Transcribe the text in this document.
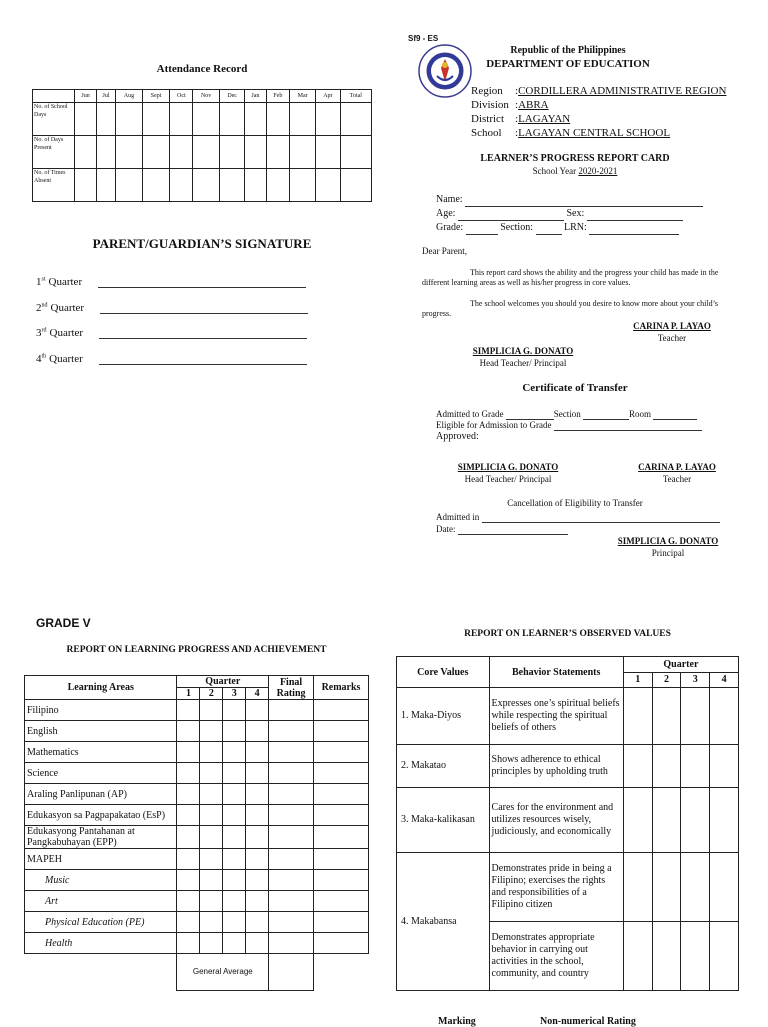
Attendance Record
	Jun	Jul	Aug	Sept	Oct	Nov	Dec	Jan	Feb	Mar	Apr	Total
No. of School Days												
No. of Days Present												
No. of Times Absent												
PARENT/GUARDIAN’S SIGNATURE
1st Quarter
2nd Quarter
3rd Quarter
4th Quarter
Sf9 - ES
Republic of the Philippines
DEPARTMENT OF EDUCATION
Region :CORDILLERA ADMINISTRATIVE REGION
Division :ABRA
District :LAGAYAN
School :LAGAYAN CENTRAL SCHOOL
LEARNER’S PROGRESS REPORT CARD
School Year 2020-2021
Name:
Age:	Sex:
Grade:	Section:	LRN:
Dear Parent,
This report card shows the ability and the progress your child has made in the different learning areas as well as his/her progress in core values.
The school welcomes you should you desire to know more about your child’s progress.
CARINA P. LAYAO
Teacher
SIMPLICIA G. DONATO
Head Teacher/ Principal
Certificate of Transfer
Admitted to Grade	Section	Room
Eligible for Admission to Grade
Approved:
SIMPLICIA G. DONATO
Head Teacher/ Principal
CARINA P. LAYAO
Teacher
Cancellation of Eligibility to Transfer
Admitted in
Date:
SIMPLICIA G. DONATO
Principal
GRADE V
REPORT ON LEARNING PROGRESS AND ACHIEVEMENT
Learning Areas	Quarter				Final Rating	Remarks
	1	2	3	4		
Filipino						
English						
Mathematics						
Science						
Araling Panlipunan (AP)						
Edukasyon sa Pagpapakatao (EsP)						
Edukasyong Pantahanan at Pangkabuhayan (EPP)						
MAPEH						
Music						
Art						
Physical Education (PE)						
Health						
	General Average					
REPORT ON LEARNER’S OBSERVED VALUES
Core Values	Behavior Statements	Quarter			
		1	2	3	4
1. Maka-Diyos	Expresses one’s spiritual beliefs while respecting the spiritual beliefs of others				
2. Makatao	Shows adherence to ethical principles by upholding truth				
3. Maka-kalikasan	Cares for the environment and utilizes resources wisely, judiciously, and economically				
4. Makabansa	Demonstrates pride in being a Filipino; exercises the rights and responsibilities of a Filipino citizen				
	Demonstrates appropriate behavior in carrying out activities in the school, community, and country				
Marking	Non-numerical Rating
